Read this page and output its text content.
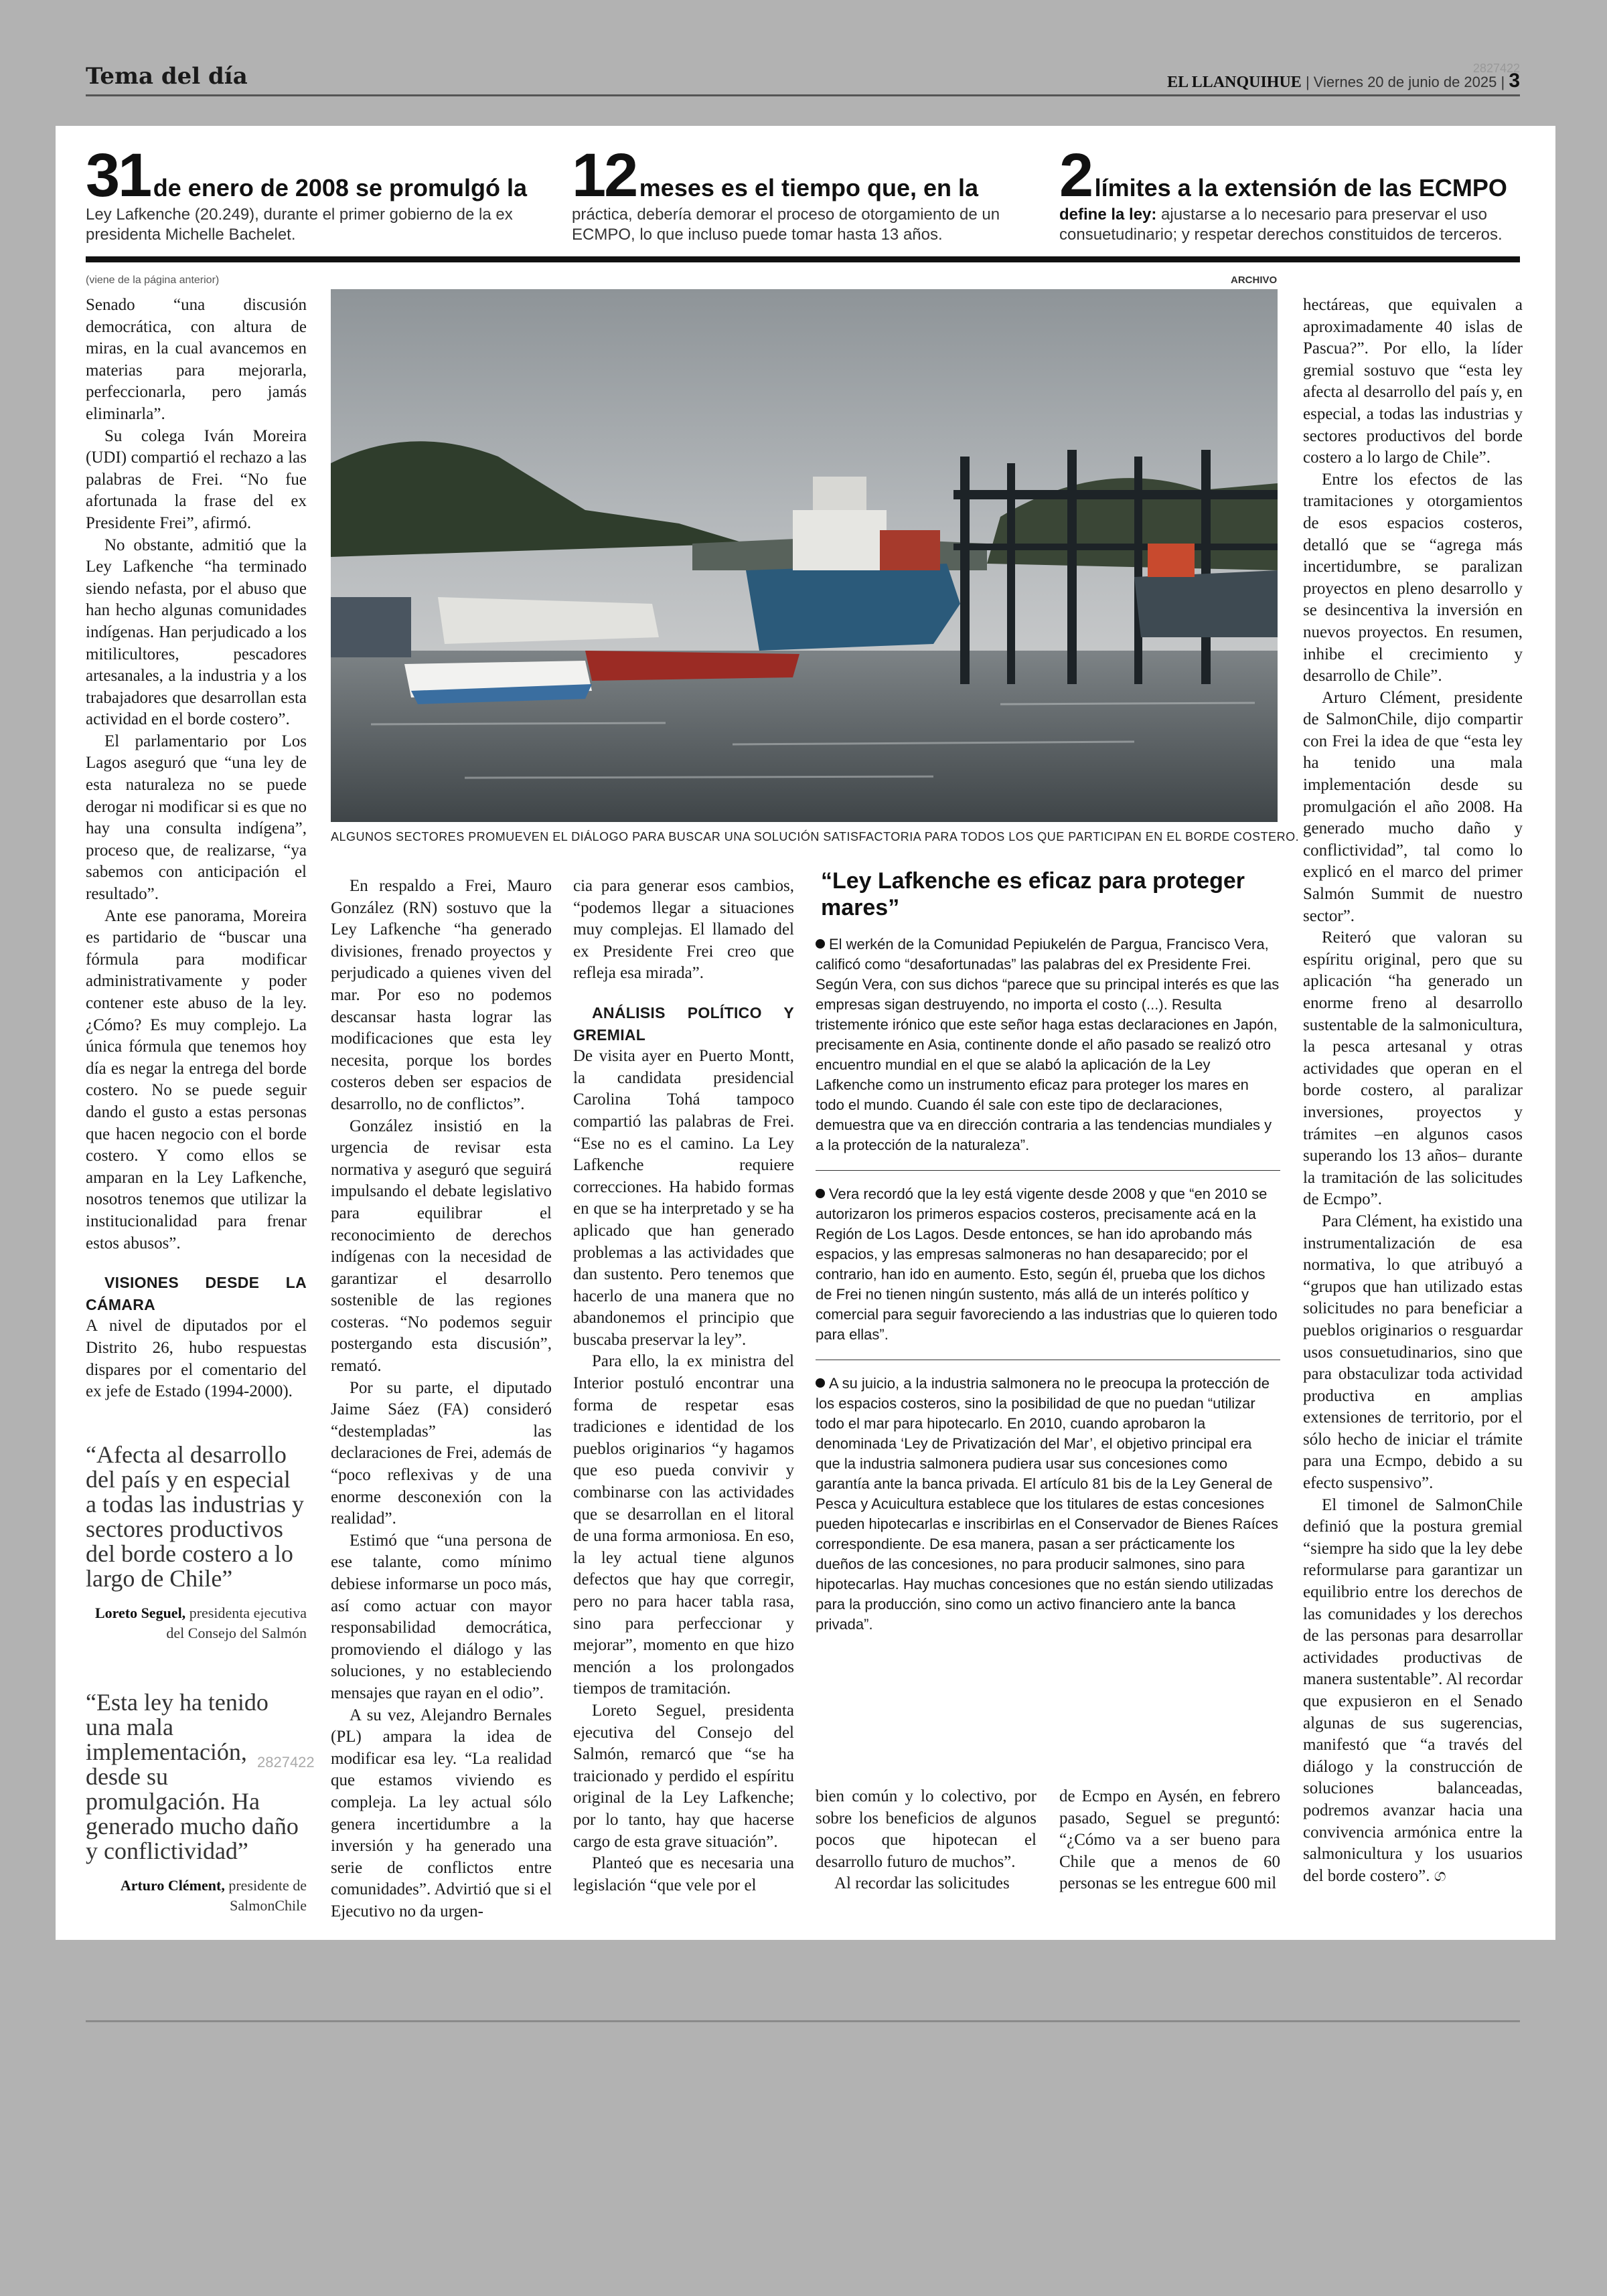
Tema del día	EL LLANQUIHUE | Viernes 20 de junio de 2025 | 3
2827422
31 de enero de 2008 se promulgó la
Ley Lafkenche (20.249), durante el primer gobierno de la ex presidenta Michelle Bachelet.
12 meses es el tiempo que, en la
práctica, debería demorar el proceso de otorgamiento de un ECMPO, lo que incluso puede tomar hasta 13 años.
2 límites a la extensión de las ECMPO
define la ley: ajustarse a lo necesario para preservar el uso consuetudinario; y respetar derechos constituidos de terceros.
(viene de la página anterior)	ARCHIVO
ALGUNOS SECTORES PROMUEVEN EL DIÁLOGO PARA BUSCAR UNA SOLUCIÓN SATISFACTORIA PARA TODOS LOS QUE PARTICIPAN EN EL BORDE COSTERO.

Senado “una discusión democrática, con altura de miras, en la cual avancemos en materias para mejorarla, perfeccionarla, pero jamás eliminarla”.

Su colega Iván Moreira (UDI) compartió el rechazo a las palabras de Frei. “No fue afortunada la frase del ex Presidente Frei”, afirmó.

No obstante, admitió que la Ley Lafkenche “ha terminado siendo nefasta, por el abuso que han hecho algunas comunidades indígenas. Han perjudicado a los mitilicultores, pescadores artesanales, a la industria y a los trabajadores que desarrollan esta actividad en el borde costero”.

El parlamentario por Los Lagos aseguró que “una ley de esta naturaleza no se puede derogar ni modificar si es que no hay una consulta indígena”, proceso que, de realizarse, “ya sabemos con anticipación el resultado”.

Ante ese panorama, Moreira es partidario de “buscar una fórmula para modificar administrativamente y poder contener este abuso de la ley. ¿Cómo? Es muy complejo. La única fórmula que tenemos hoy día es negar la entrega del borde costero. No se puede seguir dando el gusto a estas personas que hacen negocio con el borde costero. Y como ellos se amparan en la Ley Lafkenche, nosotros tenemos que utilizar la institucionalidad para frenar estos abusos”.

VISIONES DESDE LA CÁMARA

A nivel de diputados por el Distrito 26, hubo respuestas dispares por el comentario del ex jefe de Estado (1994-2000).

“Afecta al desarrollo del país y en especial a todas las industrias y sectores productivos del borde costero a lo largo de Chile”
Loreto Seguel, presidenta ejecutiva del Consejo del Salmón
“Esta ley ha tenido una mala implementación, desde su promulgación. Ha generado mucho daño y conflictividad”
Arturo Clément, presidente de SalmonChile

En respaldo a Frei, Mauro González (RN) sostuvo que la Ley Lafkenche “ha generado divisiones, frenado proyectos y perjudicado a quienes viven del mar. Por eso no podemos descansar hasta lograr las modificaciones que esta ley necesita, porque los bordes costeros deben ser espacios de desarrollo, no de conflictos”.

González insistió en la urgencia de revisar esta normativa y aseguró que seguirá impulsando el debate legislativo para equilibrar el reconocimiento de derechos indígenas con la necesidad de garantizar el desarrollo sostenible de las regiones costeras. “No podemos seguir postergando esta discusión”, remató.

Por su parte, el diputado Jaime Sáez (FA) consideró “destempladas” las declaraciones de Frei, además de “poco reflexivas y de una enorme desconexión con la realidad”.

Estimó que “una persona de ese talante, como mínimo debiese informarse un poco más, así como actuar con mayor responsabilidad democrática, promoviendo el diálogo y las soluciones, y no estableciendo mensajes que rayan en el odio”.

A su vez, Alejandro Bernales (PL) ampara la idea de modificar esa ley. “La realidad que estamos viviendo es compleja. La ley actual sólo genera incertidumbre a la inversión y ha generado una serie de conflictos entre comunidades”. Advirtió que si el Ejecutivo no da urgen-

2827422

cia para generar esos cambios, “podemos llegar a situaciones muy complejas. El llamado del ex Presidente Frei creo que refleja esa mirada”.

ANÁLISIS POLÍTICO Y GREMIAL

De visita ayer en Puerto Montt, la candidata presidencial Carolina Tohá tampoco compartió las palabras de Frei. “Ese no es el camino. La Ley Lafkenche requiere correcciones. Ha habido formas en que se ha interpretado y se ha aplicado que han generado problemas a las actividades que dan sustento. Pero tenemos que hacerlo de una manera que no abandonemos el principio que buscaba preservar la ley”.

Para ello, la ex ministra del Interior postuló encontrar una forma de respetar esas tradiciones e identidad de los pueblos originarios “y hagamos que eso pueda convivir y combinarse con las actividades que se desarrollan en el litoral de una forma armoniosa. En eso, la ley actual tiene algunos defectos que hay que corregir, pero no para hacer tabla rasa, sino para perfeccionar y mejorar”, momento en que hizo mención a los prolongados tiempos de tramitación.

Loreto Seguel, presidenta ejecutiva del Consejo del Salmón, remarcó que “se ha traicionado y perdido el espíritu original de la Ley Lafkenche; por lo tanto, hay que hacerse cargo de esta grave situación”.

Planteó que es necesaria una legislación “que vele por el

“Ley Lafkenche es eficaz para proteger mares”
El werkén de la Comunidad Pepiukelén de Pargua, Francisco Vera, calificó como “desafortunadas” las palabras del ex Presidente Frei. Según Vera, con sus dichos “parece que su principal interés es que las empresas sigan destruyendo, no importa el costo (...). Resulta tristemente irónico que este señor haga estas declaraciones en Japón, precisamente en Asia, continente donde el año pasado se realizó otro encuentro mundial en el que se alabó la aplicación de la Ley Lafkenche como un instrumento eficaz para proteger los mares en todo el mundo. Cuando él sale con este tipo de declaraciones, demuestra que va en dirección contraria a las tendencias mundiales y a la protección de la naturaleza”.
Vera recordó que la ley está vigente desde 2008 y que “en 2010 se autorizaron los primeros espacios costeros, precisamente acá en la Región de Los Lagos. Desde entonces, se han ido aprobando más espacios, y las empresas salmoneras no han desaparecido; por el contrario, han ido en aumento. Esto, según él, prueba que los dichos de Frei no tienen ningún sustento, más allá de un interés político y comercial para seguir favoreciendo a las industrias que lo quieren todo para ellas”.
A su juicio, a la industria salmonera no le preocupa la protección de los espacios costeros, sino la posibilidad de que no puedan “utilizar todo el mar para hipotecarlo. En 2010, cuando aprobaron la denominada ‘Ley de Privatización del Mar’, el objetivo principal era que la industria salmonera pudiera usar sus concesiones como garantía ante la banca privada. El artículo 81 bis de la Ley General de Pesca y Acuicultura establece que los titulares de estas concesiones pueden hipotecarlas e inscribirlas en el Conservador de Bienes Raíces correspondiente. De esa manera, pasan a ser prácticamente los dueños de las concesiones, no para producir salmones, sino para hipotecarlas. Hay muchas concesiones que no están siendo utilizadas para la producción, sino como un activo financiero ante la banca privada”.

bien común y lo colectivo, por sobre los beneficios de algunos pocos que hipotecan el desarrollo futuro de muchos”.

Al recordar las solicitudes

de Ecmpo en Aysén, en febrero pasado, Seguel se preguntó: “¿Cómo va a ser bueno para Chile que a menos de 60 personas se les entregue 600 mil

hectáreas, que equivalen a aproximadamente 40 islas de Pascua?”. Por ello, la líder gremial sostuvo que “esta ley afecta al desarrollo del país y, en especial, a todas las industrias y sectores productivos del borde costero a lo largo de Chile”.

Entre los efectos de las tramitaciones y otorgamientos de esos espacios costeros, detalló que se “agrega más incertidumbre, se paralizan proyectos en pleno desarrollo y se desincentiva la inversión en nuevos proyectos. En resumen, inhibe el crecimiento y desarrollo de Chile”.

Arturo Clément, presidente de SalmonChile, dijo compartir con Frei la idea de que “esta ley ha tenido una mala implementación desde su promulgación el año 2008. Ha generado mucho daño y conflictividad”, tal como lo explicó en el marco del primer Salmón Summit de nuestro sector”.

Reiteró que valoran su espíritu original, pero que su aplicación “ha generado un enorme freno al desarrollo sustentable de la salmonicultura, la pesca artesanal y otras actividades que operan en el borde costero, al paralizar inversiones, proyectos y trámites –en algunos casos superando los 13 años– durante la tramitación de las solicitudes de Ecmpo”.

Para Clément, ha existido una instrumentalización de esa normativa, lo que atribuyó a “grupos que han utilizado estas solicitudes no para beneficiar a pueblos originarios o resguardar usos consuetudinarios, sino que para obstaculizar toda actividad productiva en amplias extensiones de territorio, por el sólo hecho de iniciar el trámite para una Ecmpo, debido a su efecto suspensivo”.

El timonel de SalmonChile definió que la postura gremial “siempre ha sido que la ley debe reformularse para garantizar un equilibrio entre los derechos de las comunidades y los derechos de las personas para desarrollar actividades productivas de manera sustentable”. Al recordar que expusieron en el Senado algunas de sus sugerencias, manifestó que “a través del diálogo y la construcción de soluciones balanceadas, podremos avanzar hacia una convivencia armónica entre la salmonicultura y los usuarios del borde costero”. ග
